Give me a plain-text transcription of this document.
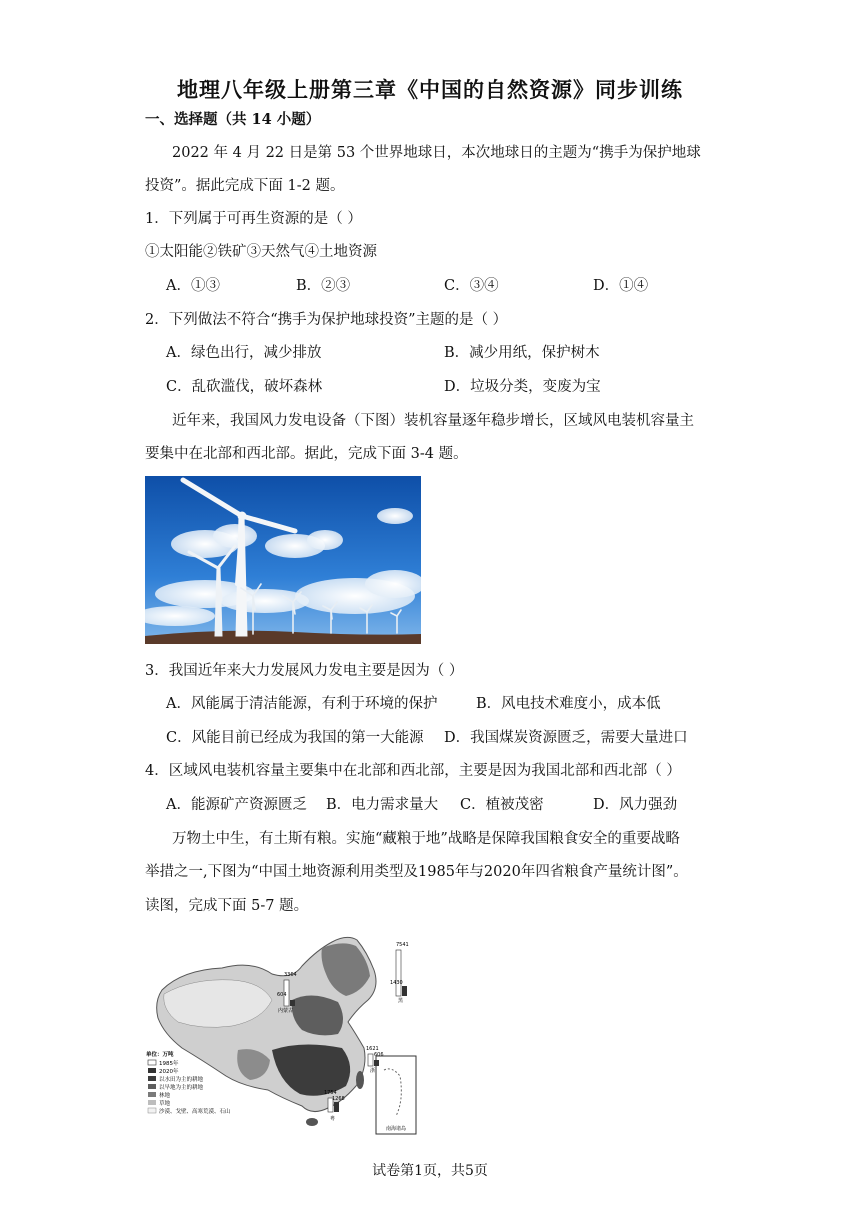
地理八年级上册第三章《中国的自然资源》同步训练
一、选择题（共 14 小题）
2022 年 4 月 22 日是第 53 个世界地球日，本次地球日的主题为“携手为保护地球
投资”。据此完成下面 1-2 题。
1．下列属于可再生资源的是（ ）
①太阳能②铁矿③天然气④土地资源
A．①③	B．②③	C．③④	D．①④
2．下列做法不符合“携手为保护地球投资”主题的是（ ）
A．绿色出行，减少排放	B．减少用纸，保护树木
C．乱砍滥伐，破坏森林	D．垃圾分类，变废为宝
近年来，我国风力发电设备（下图）装机容量逐年稳步增长，区域风电装机容量主
要集中在北部和西北部。据此，完成下面 3-4 题。
3．我国近年来大力发展风力发电主要是因为（ ）
A．风能属于清洁能源，有利于环境的保护	B．风电技术难度小，成本低
C．风能目前已经成为我国的第一大能源 D．我国煤炭资源匮乏，需要大量进口
4．区域风电装机容量主要集中在北部和西北部，主要是因为我国北部和西北部（ ）
A．能源矿产资源匮乏 B．电力需求量大 C．植被茂密	D．风力强劲
万物土中生，有土斯有粮。实施“藏粮于地”战略是保障我国粮食安全的重要战略
举措之一,下图为“中国土地资源利用类型及1985年与2020年四省粮食产量统计图”。
读图，完成下面 5-7 题。
南海诸岛
3364
604
内蒙古
7541
1430
黑
1621
606
浙
1754
1268
粤
单位：万吨
1985年
2020年
以水田为主的耕地
以旱地为主的耕地
林地
草地
沙漠、戈壁、高寒荒漠、石山
试卷第1页，共5页
